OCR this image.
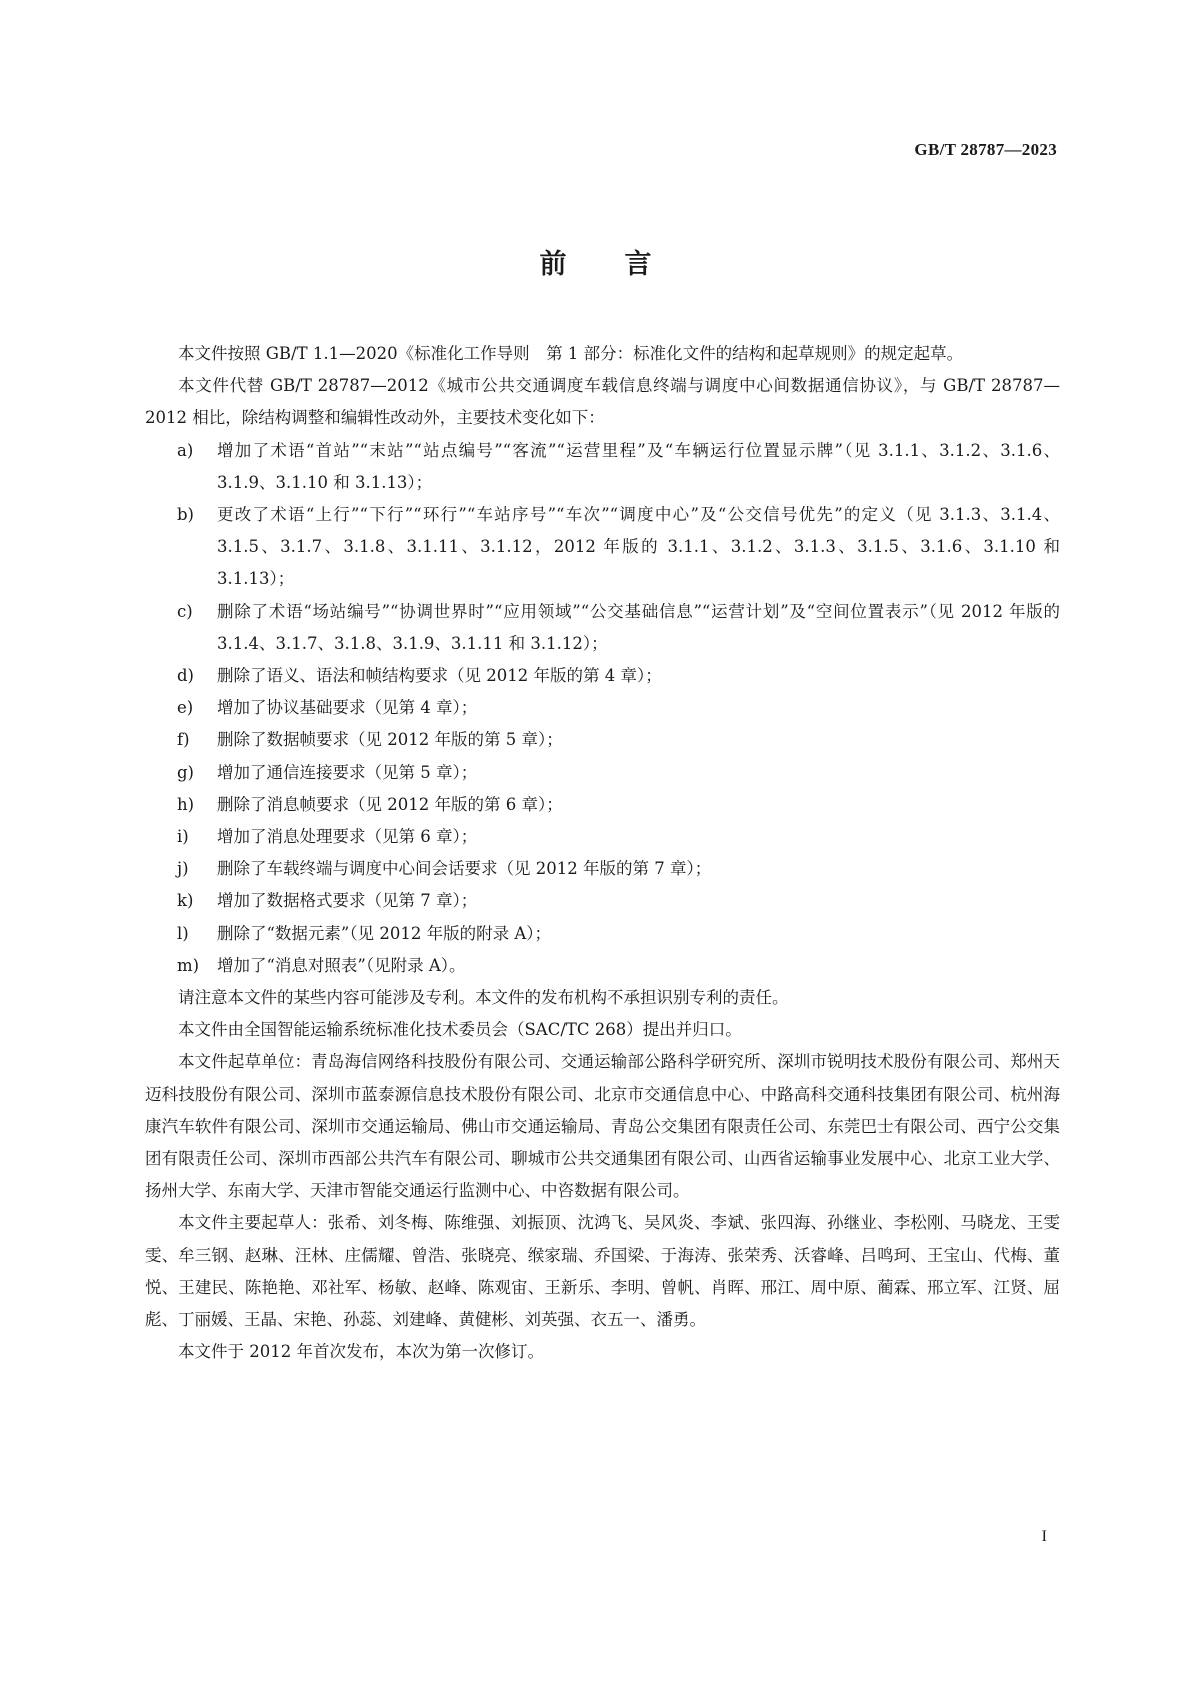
GB/T 28787—2023
前 言

本文件按照 GB/T 1.1—2020《标准化工作导则　第 1 部分：标准化文件的结构和起草规则》的规定起草。

本文件代替 GB/T 28787—2012《城市公共交通调度车载信息终端与调度中心间数据通信协议》，与 GB/T 28787—2012 相比，除结构调整和编辑性改动外，主要技术变化如下：

a) 增加了术语“首站”“末站”“站点编号”“客流”“运营里程”及“车辆运行位置显示牌”（见 3.1.1、3.1.2、3.1.6、3.1.9、3.1.10 和 3.1.13）；
b) 更改了术语“上行”“下行”“环行”“车站序号”“车次”“调度中心”及“公交信号优先”的定义（见 3.1.3、3.1.4、3.1.5、3.1.7、3.1.8、3.1.11、3.1.12，2012 年版的 3.1.1、3.1.2、3.1.3、3.1.5、3.1.6、3.1.10 和 3.1.13）；
c) 删除了术语“场站编号”“协调世界时”“应用领域”“公交基础信息”“运营计划”及“空间位置表示”（见 2012 年版的 3.1.4、3.1.7、3.1.8、3.1.9、3.1.11 和 3.1.12）；
d) 删除了语义、语法和帧结构要求（见 2012 年版的第 4 章）；
e) 增加了协议基础要求（见第 4 章）；
f) 删除了数据帧要求（见 2012 年版的第 5 章）；
g) 增加了通信连接要求（见第 5 章）；
h) 删除了消息帧要求（见 2012 年版的第 6 章）；
i) 增加了消息处理要求（见第 6 章）；
j) 删除了车载终端与调度中心间会话要求（见 2012 年版的第 7 章）；
k) 增加了数据格式要求（见第 7 章）；
l) 删除了“数据元素”（见 2012 年版的附录 A）；
m) 增加了“消息对照表”（见附录 A）。

请注意本文件的某些内容可能涉及专利。本文件的发布机构不承担识别专利的责任。

本文件由全国智能运输系统标准化技术委员会（SAC/TC 268）提出并归口。

本文件起草单位：青岛海信网络科技股份有限公司、交通运输部公路科学研究所、深圳市锐明技术股份有限公司、郑州天迈科技股份有限公司、深圳市蓝泰源信息技术股份有限公司、北京市交通信息中心、中路高科交通科技集团有限公司、杭州海康汽车软件有限公司、深圳市交通运输局、佛山市交通运输局、青岛公交集团有限责任公司、东莞巴士有限公司、西宁公交集团有限责任公司、深圳市西部公共汽车有限公司、聊城市公共交通集团有限公司、山西省运输事业发展中心、北京工业大学、扬州大学、东南大学、天津市智能交通运行监测中心、中咨数据有限公司。

本文件主要起草人：张希、刘冬梅、陈维强、刘振顶、沈鸿飞、吴风炎、李斌、张四海、孙继业、李松刚、马晓龙、王雯雯、牟三钢、赵琳、汪林、庄儒耀、曾浩、张晓亮、缑家瑞、乔国梁、于海涛、张荣秀、沃睿峰、吕鸣珂、王宝山、代梅、董悦、王建民、陈艳艳、邓社军、杨敏、赵峰、陈观宙、王新乐、李明、曾帆、肖晖、邢江、周中原、蔺霖、邢立军、江贤、屈彪、丁丽媛、王晶、宋艳、孙蕊、刘建峰、黄健彬、刘英强、衣五一、潘勇。

本文件于 2012 年首次发布，本次为第一次修订。

I
